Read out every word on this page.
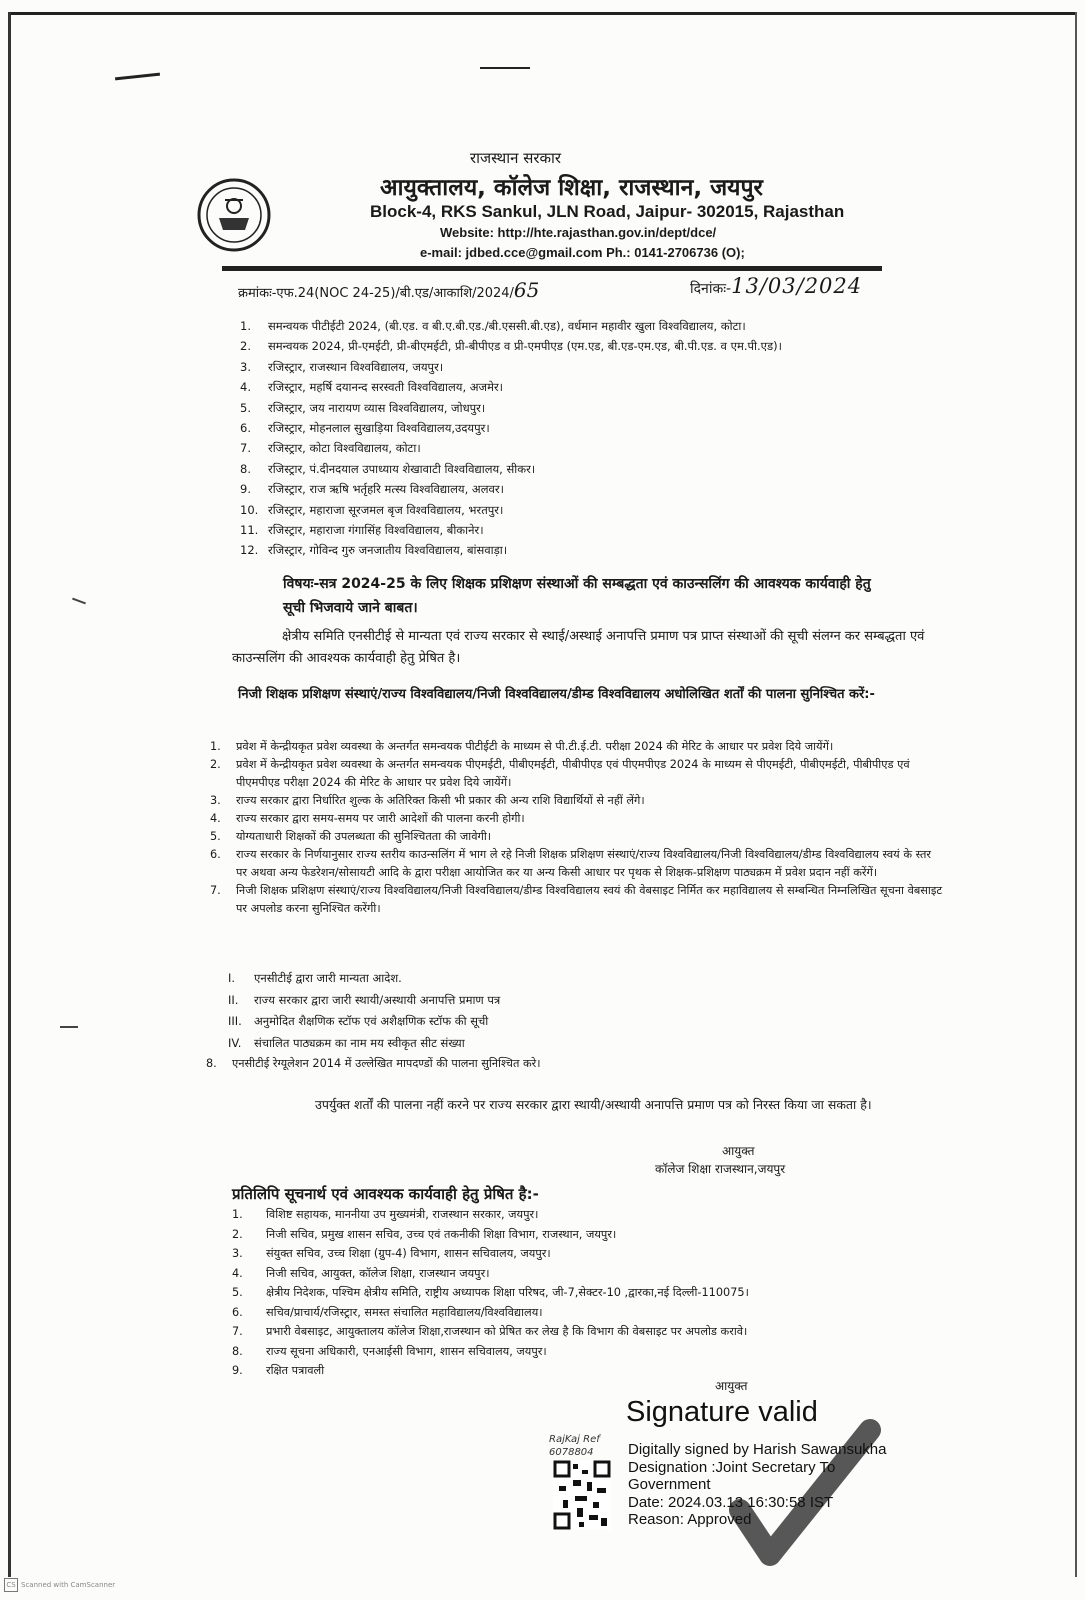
राजस्थान सरकार
आयुक्तालय, कॉलेज शिक्षा, राजस्थान, जयपुर
Block-4, RKS Sankul, JLN Road, Jaipur- 302015, Rajasthan
Website: http://hte.rajasthan.gov.in/dept/dce/
e-mail: jdbed.cce@gmail.com Ph.: 0141-2706736 (O);
क्रमांकः-एफ.24(NOC 24-25)/बी.एड/आकाशि/2024/65	दिनांकः-13/03/2024
1. समन्वयक पीटीईटी 2024, (बी.एड. व बी.ए.बी.एड./बी.एससी.बी.एड), वर्धमान महावीर खुला विश्वविद्यालय, कोटा।
2. समन्वयक 2024, प्री-एमईटी, प्री-बीएमईटी, प्री-बीपीएड व प्री-एमपीएड (एम.एड, बी.एड-एम.एड, बी.पी.एड. व एम.पी.एड)।
3. रजिस्ट्रार, राजस्थान विश्वविद्यालय, जयपुर।
4. रजिस्ट्रार, महर्षि दयानन्द सरस्वती विश्वविद्यालय, अजमेर।
5. रजिस्ट्रार, जय नारायण व्यास विश्वविद्यालय, जोधपुर।
6. रजिस्ट्रार, मोहनलाल सुखाड़िया विश्वविद्यालय,उदयपुर।
7. रजिस्ट्रार, कोटा विश्वविद्यालय, कोटा।
8. रजिस्ट्रार, पं.दीनदयाल उपाध्याय शेखावाटी विश्वविद्यालय, सीकर।
9. रजिस्ट्रार, राज ऋषि भर्तृहरि मत्स्य विश्वविद्यालय, अलवर।
10. रजिस्ट्रार, महाराजा सूरजमल बृज विश्वविद्यालय, भरतपुर।
11. रजिस्ट्रार, महाराजा गंगासिंह विश्वविद्यालय, बीकानेर।
12. रजिस्ट्रार, गोविन्द गुरु जनजातीय विश्वविद्यालय, बांसवाड़ा।
विषयः-सत्र 2024-25 के लिए शिक्षक प्रशिक्षण संस्थाओं की सम्बद्धता एवं काउन्सलिंग की आवश्यक कार्यवाही हेतु सूची भिजवाये जाने बाबत।
क्षेत्रीय समिति एनसीटीई से मान्यता एवं राज्य सरकार से स्थाई/अस्थाई अनापत्ति प्रमाण पत्र प्राप्त संस्थाओं की सूची संलग्न कर सम्बद्धता एवं काउन्सलिंग की आवश्यक कार्यवाही हेतु प्रेषित है।
निजी शिक्षक प्रशिक्षण संस्थाएं/राज्य विश्वविद्यालय/निजी विश्वविद्यालय/डीम्ड विश्वविद्यालय अधोलिखित शर्तों की पालना सुनिश्चित करें:-
1. प्रवेश में केन्द्रीयकृत प्रवेश व्यवस्था के अन्तर्गत समन्वयक पीटीईटी के माध्यम से पी.टी.ई.टी. परीक्षा 2024 की मेरिट के आधार पर प्रवेश दिये जायेंगें।
2. प्रवेश में केन्द्रीयकृत प्रवेश व्यवस्था के अन्तर्गत समन्वयक पीएमईटी, पीबीएमईटी, पीबीपीएड एवं पीएमपीएड 2024 के माध्यम से पीएमईटी, पीबीएमईटी, पीबीपीएड एवं पीएमपीएड परीक्षा 2024 की मेरिट के आधार पर प्रवेश दिये जायेंगें।
3. राज्य सरकार द्वारा निर्धारित शुल्क के अतिरिक्त किसी भी प्रकार की अन्य राशि विद्यार्थियों से नहीं लेंगे।
4. राज्य सरकार द्वारा समय-समय पर जारी आदेशों की पालना करनी होगी।
5. योग्यताधारी शिक्षकों की उपलब्धता की सुनिश्चितता की जावेगी।
6. राज्य सरकार के निर्णयानुसार राज्य स्तरीय काउन्सलिंग में भाग ले रहे निजी शिक्षक प्रशिक्षण संस्थाएं/राज्य विश्वविद्यालय/निजी विश्वविद्यालय/डीम्ड विश्वविद्यालय स्वयं के स्तर पर अथवा अन्य फेडरेशन/सोसायटी आदि के द्वारा परीक्षा आयोजित कर या अन्य किसी आधार पर पृथक से शिक्षक-प्रशिक्षण पाठ्यक्रम में प्रवेश प्रदान नहीं करेंगें।
7. निजी शिक्षक प्रशिक्षण संस्थाएं/राज्य विश्वविद्यालय/निजी विश्वविद्यालय/डीम्ड विश्वविद्यालय स्वयं की वेबसाइट निर्मित कर महाविद्यालय से सम्बन्धित निम्नलिखित सूचना वेबसाइट पर अपलोड करना सुनिश्चित करेंगी।
I. एनसीटीई द्वारा जारी मान्यता आदेश.
II. राज्य सरकार द्वारा जारी स्थायी/अस्थायी अनापत्ति प्रमाण पत्र
III. अनुमोदित शैक्षणिक स्टॉफ एवं अशैक्षणिक स्टॉफ की सूची
IV. संचालित पाठ्यक्रम का नाम मय स्वीकृत सीट संख्या
8. एनसीटीई रेग्यूलेशन 2014 में उल्लेखित मापदण्डों की पालना सुनिश्चित करे।
उपर्युक्त शर्तों की पालना नहीं करने पर राज्य सरकार द्वारा स्थायी/अस्थायी अनापत्ति प्रमाण पत्र को निरस्त किया जा सकता है।
आयुक्त
कॉलेज शिक्षा राजस्थान,जयपुर
प्रतिलिपि सूचनार्थ एवं आवश्यक कार्यवाही हेतु प्रेषित है:-
1. विशिष्ट सहायक, माननीया उप मुख्यमंत्री, राजस्थान सरकार, जयपुर।
2. निजी सचिव, प्रमुख शासन सचिव, उच्च एवं तकनीकी शिक्षा विभाग, राजस्थान, जयपुर।
3. संयुक्त सचिव, उच्च शिक्षा (ग्रुप-4) विभाग, शासन सचिवालय, जयपुर।
4. निजी सचिव, आयुक्त, कॉलेज शिक्षा, राजस्थान जयपुर।
5. क्षेत्रीय निदेशक, पश्चिम क्षेत्रीय समिति, राष्ट्रीय अध्यापक शिक्षा परिषद, जी-7,सेक्टर-10 ,द्वारका,नई दिल्ली-110075।
6. सचिव/प्राचार्य/रजिस्ट्रार, समस्त संचालित महाविद्यालय/विश्वविद्यालय।
7. प्रभारी वेबसाइट, आयुक्तालय कॉलेज शिक्षा,राजस्थान को प्रेषित कर लेख है कि विभाग की वेबसाइट पर अपलोड करावे।
8. राज्य सूचना अधिकारी, एनआईसी विभाग, शासन सचिवालय, जयपुर।
9. रक्षित पत्रावली
आयुक्त
RajKaj Ref
6078804
Signature valid
Digitally signed by Harish Sawansukha
Designation :Joint Secretary To
Government
Date: 2024.03.13 16:30:58 IST
Reason: Approved
CS Scanned with CamScanner
